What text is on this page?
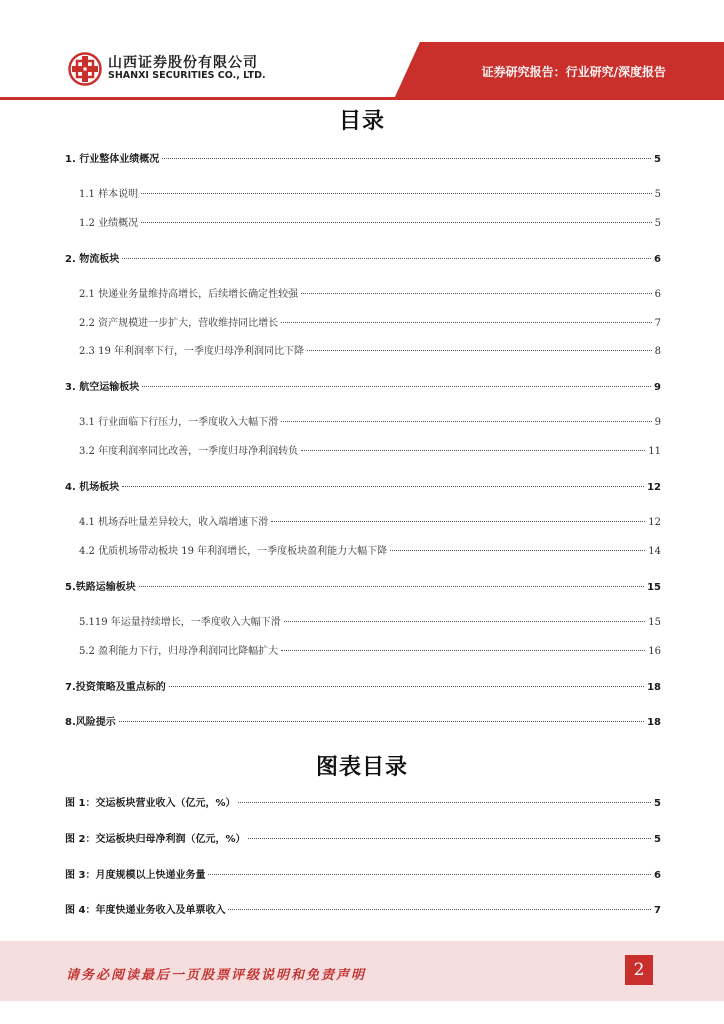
山西证券股份有限公司
SHANXI SECURITIES CO., LTD.	证券研究报告：行业研究/深度报告
目录
1. 行业整体业绩概况	5
1.1 样本说明	5
1.2 业绩概况	5
2. 物流板块	6
2.1 快递业务量维持高增长，后续增长确定性较强	6
2.2 资产规模进一步扩大，营收维持同比增长	7
2.3 19 年利润率下行，一季度归母净利润同比下降	8
3. 航空运输板块	9
3.1 行业面临下行压力，一季度收入大幅下滑	9
3.2 年度利润率同比改善，一季度归母净利润转负	11
4. 机场板块	12
4.1 机场吞吐量差异较大，收入端增速下滑	12
4.2 优质机场带动板块 19 年利润增长，一季度板块盈利能力大幅下降	14
5.铁路运输板块	15
5.119 年运量持续增长，一季度收入大幅下滑	15
5.2 盈利能力下行，归母净利润同比降幅扩大	16
7.投资策略及重点标的	18
8.风险提示	18
图表目录
图 1：交运板块营业收入（亿元，%）	5
图 2：交运板块归母净利润（亿元，%）	5
图 3：月度规模以上快递业务量	6
图 4：年度快递业务收入及单票收入	7
请务必阅读最后一页股票评级说明和免责声明	2
